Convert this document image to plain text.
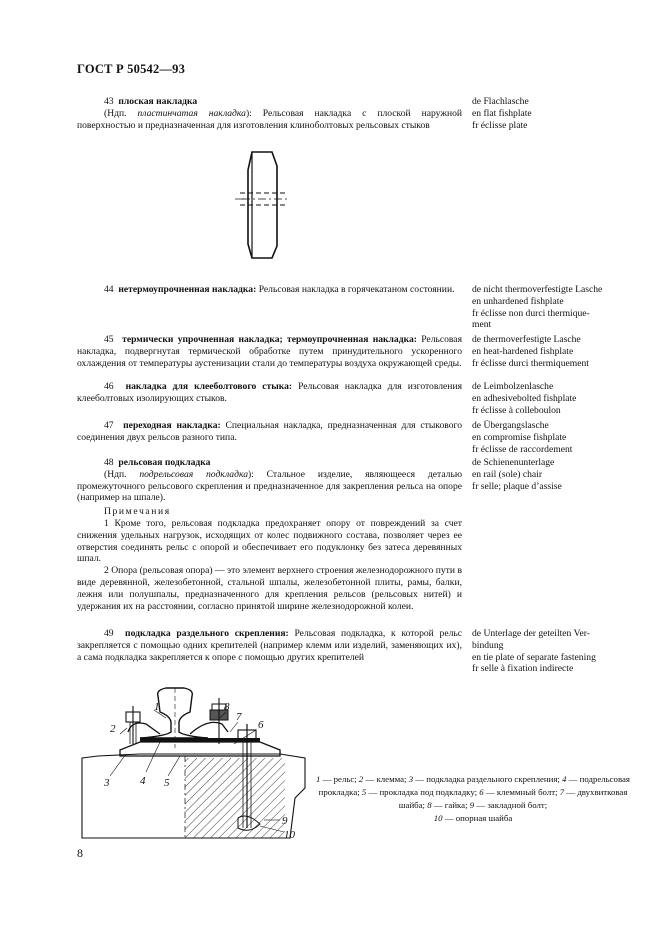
ГОСТ Р 50542—93

43 плоская накладка

(Ндп. пластинчатая накладка): Рельсовая накладка с плоской наружной поверхностью и предназначенная для изготовления клиноболтовых рельсовых стыков

de Flachlasche
en flat fishplate
fr éclisse plate

44 нетермоупрочненная накладка: Рельсовая накладка в горячекатаном состоянии.	de nicht thermoverfestigte Lasche
en unhardened fishplate
fr éclisse non durci thermique-
ment

45 термически упрочненная накладка; термоупрочненная накладка: Рельсовая накладка, подвергнутая термической обработке путем принудительного ускоренного охлаждения от температуры аустенизации стали до температуры воздуха окружающей среды.

de thermoverfestigte Lasche
en heat-hardened fishplate
fr éclisse durci thermiquement

46 накладка для клееболтового стыка: Рельсовая накладка для изготовления клееболтовых изолирующих стыков.

de Leimbolzenlasche
en adhesivebolted fishplate
fr éclisse à colleboulon

47 переходная накладка: Специальная накладка, предназначенная для стыкового соединения двух рельсов разного типа.

de Übergangslasche
en compromise fishplate
fr éclisse de raccordement

48 рельсовая подкладка

(Ндп. подрельсовая подкладка): Стальное изделие, являющееся деталью промежуточного рельсового скрепления и предназначенное для закрепления рельса на опоре (например на шпале).

Примечания

1 Кроме того, рельсовая подкладка предохраняет опору от повреждений за счет снижения удельных нагрузок, исходящих от колес подвижного состава, позволяет через ее отверстия соединять рельс с опорой и обеспечивает его подуклонку без затеса деревянных шпал.

2 Опора (рельсовая опора) — это элемент верхнего строения железнодорожного пути в виде деревянной, железобетонной, стальной шпалы, железобетонной плиты, рамы, балки, лежня или полушпалы, предназначенного для крепления рельсов (рельсовых нитей) и удержания их на расстоянии, согласно принятой ширине железнодорожной колеи.

de Schienenunterlage
en rail (sole) chair
fr selle; plaque d’assise

49 подкладка раздельного скрепления: Рельсовая подкладка, к которой рельс закрепляется с помощью одних крепителей (например клемм или изделий, заменяющих их), а сама подкладка закрепляется к опоре с помощью других крепителей

de Unterlage der geteilten Ver-
bindung
en tie plate of separate fastening
fr selle à fixation indirecte
1
2
3	4 5
6
7
8
9
10
1 — рельс; 2 — клемма; 3 — подкладка раздельного скрепления; 4 — подрельсовая прокладка; 5 — прокладка под подкладку; 6 — клеммный болт; 7 — двухвитковая шайба; 8 — гайка; 9 — закладной болт;
10 — опорная шайба
8
